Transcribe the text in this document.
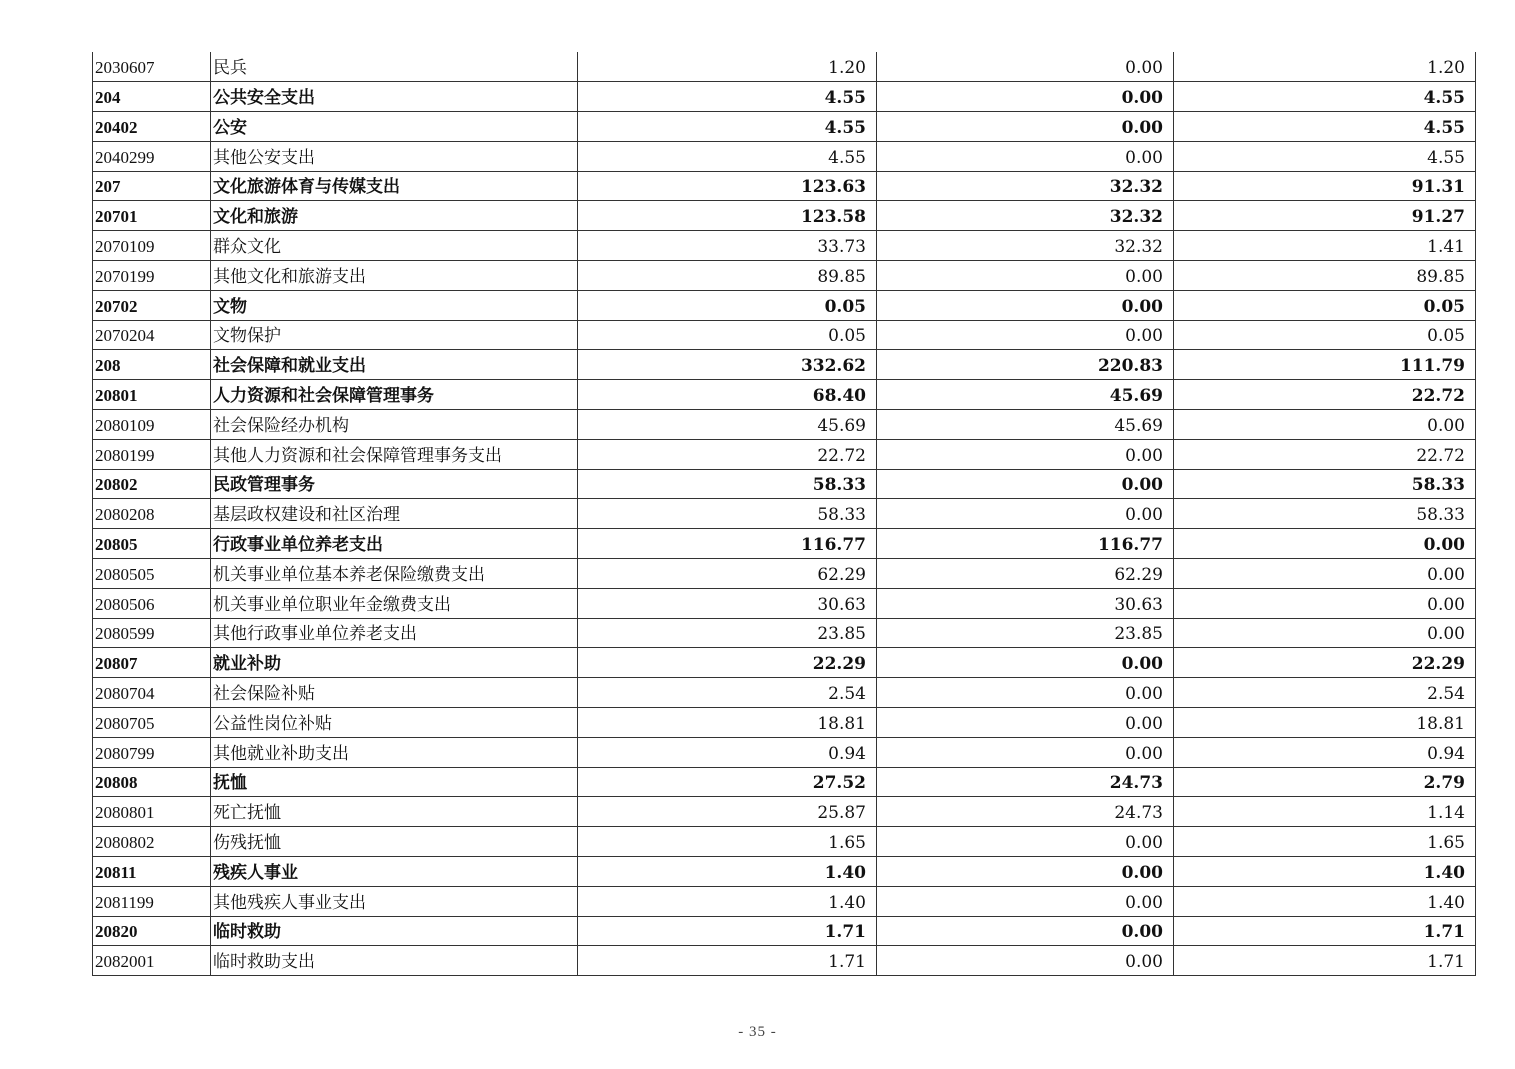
2030607	民兵	1.20	0.00	1.20
204	公共安全支出	4.55	0.00	4.55
20402	公安	4.55	0.00	4.55
2040299	其他公安支出	4.55	0.00	4.55
207	文化旅游体育与传媒支出	123.63	32.32	91.31
20701	文化和旅游	123.58	32.32	91.27
2070109	群众文化	33.73	32.32	1.41
2070199	其他文化和旅游支出	89.85	0.00	89.85
20702	文物	0.05	0.00	0.05
2070204	文物保护	0.05	0.00	0.05
208	社会保障和就业支出	332.62	220.83	111.79
20801	人力资源和社会保障管理事务	68.40	45.69	22.72
2080109	社会保险经办机构	45.69	45.69	0.00
2080199	其他人力资源和社会保障管理事务支出	22.72	0.00	22.72
20802	民政管理事务	58.33	0.00	58.33
2080208	基层政权建设和社区治理	58.33	0.00	58.33
20805	行政事业单位养老支出	116.77	116.77	0.00
2080505	机关事业单位基本养老保险缴费支出	62.29	62.29	0.00
2080506	机关事业单位职业年金缴费支出	30.63	30.63	0.00
2080599	其他行政事业单位养老支出	23.85	23.85	0.00
20807	就业补助	22.29	0.00	22.29
2080704	社会保险补贴	2.54	0.00	2.54
2080705	公益性岗位补贴	18.81	0.00	18.81
2080799	其他就业补助支出	0.94	0.00	0.94
20808	抚恤	27.52	24.73	2.79
2080801	死亡抚恤	25.87	24.73	1.14
2080802	伤残抚恤	1.65	0.00	1.65
20811	残疾人事业	1.40	0.00	1.40
2081199	其他残疾人事业支出	1.40	0.00	1.40
20820	临时救助	1.71	0.00	1.71
2082001	临时救助支出	1.71	0.00	1.71
- 35 -
